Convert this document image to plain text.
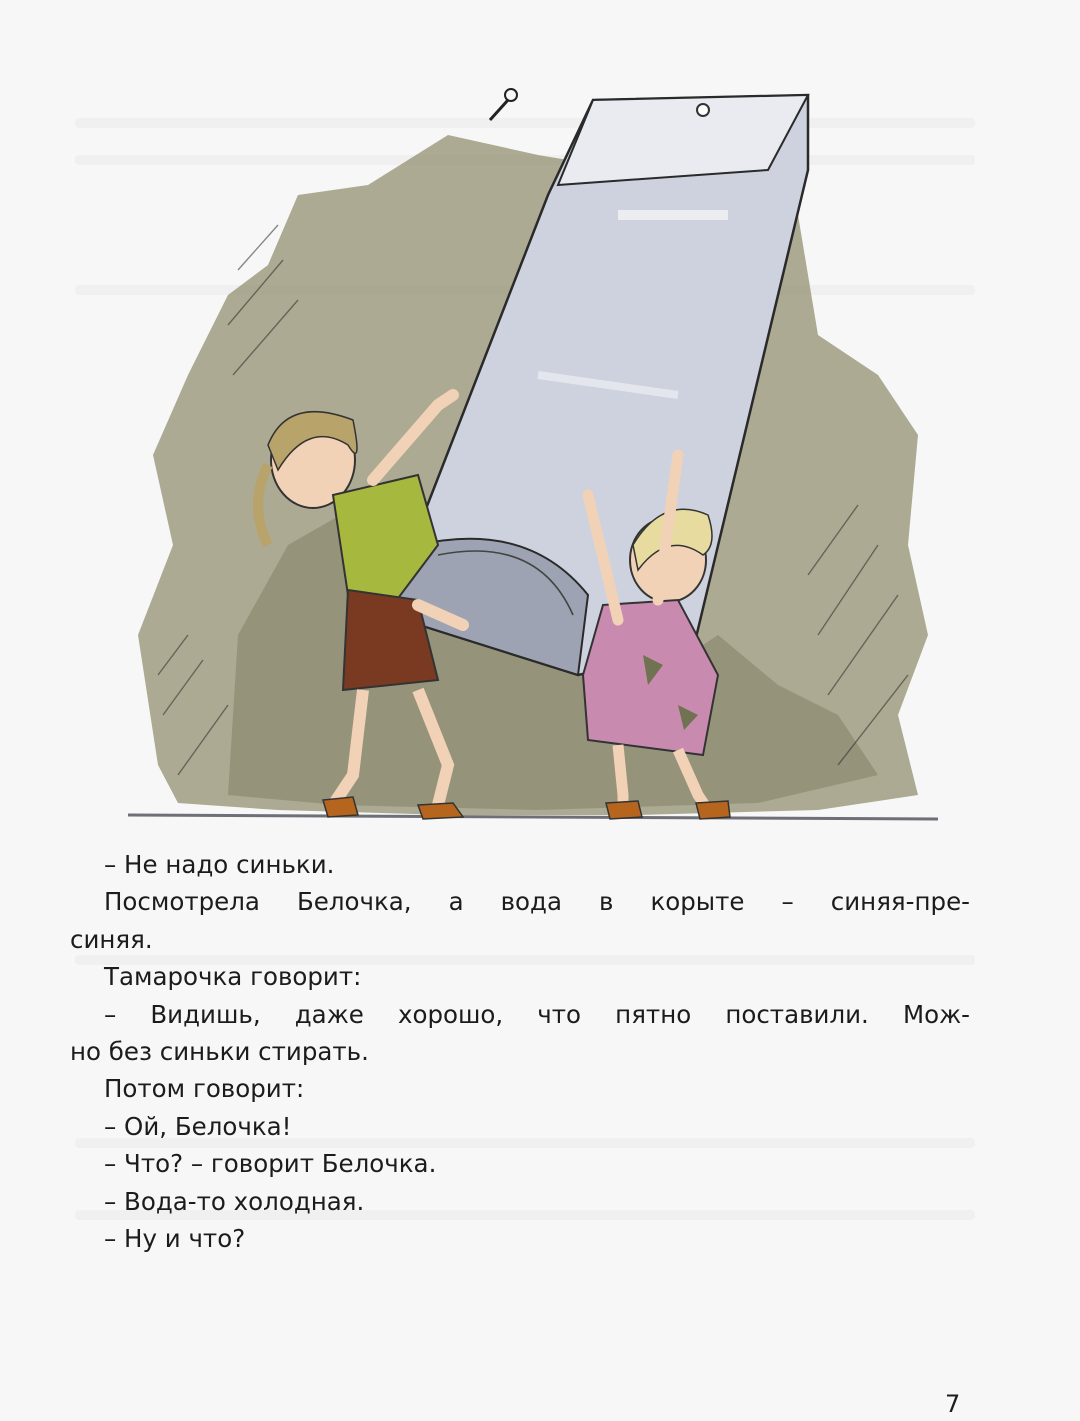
– Не надо синьки.
Посмотрела Белочка, а вода в корыте – синяя-пре-
синяя.
Тамарочка говорит:
– Видишь, даже хорошо, что пятно поставили. Мож-
но без синьки стирать.
Потом говорит:
– Ой, Белочка!
– Что? – говорит Белочка.
– Вода-то холодная.
– Ну и что?
7
